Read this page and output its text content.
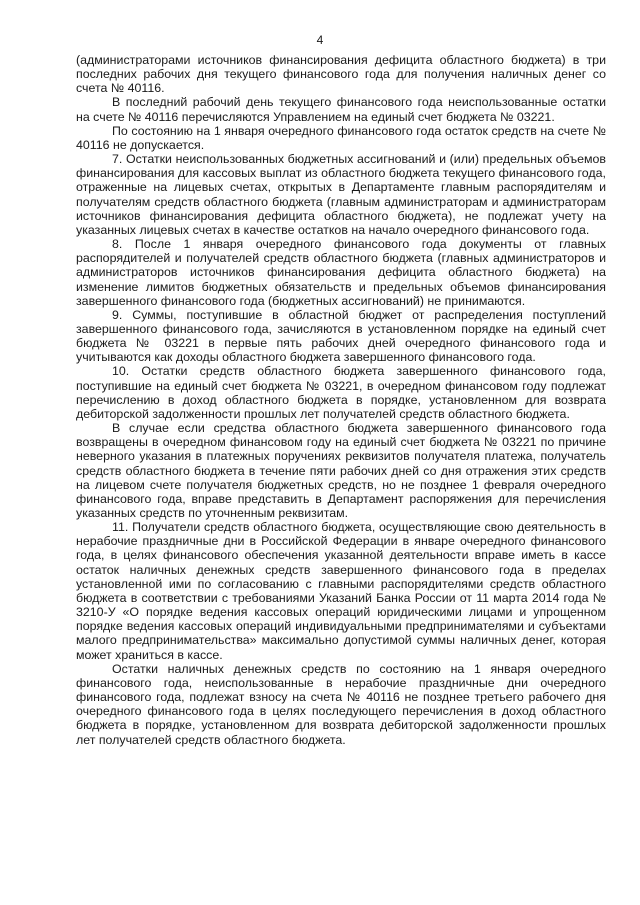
4

(администраторами источников финансирования дефицита областного бюджета) в три последних рабочих дня текущего финансового года для получения наличных денег со счета № 40116.

В последний рабочий день текущего финансового года неиспользованные остатки на счете № 40116 перечисляются Управлением на единый счет бюджета № 03221.

По состоянию на 1 января очередного финансового года остаток средств на счете № 40116 не допускается.

7. Остатки неиспользованных бюджетных ассигнований и (или) предельных объемов финансирования для кассовых выплат из областного бюджета текущего финансового года, отраженные на лицевых счетах, открытых в Департаменте главным распорядителям и получателям средств областного бюджета (главным администраторам и администраторам источников финансирования дефицита областного бюджета), не подлежат учету на указанных лицевых счетах в качестве остатков на начало очередного финансового года.

8. После 1 января очередного финансового года документы от главных распорядителей и получателей средств областного бюджета (главных администраторов и администраторов источников финансирования дефицита областного бюджета) на изменение лимитов бюджетных обязательств и предельных объемов финансирования завершенного финансового года (бюджетных ассигнований) не принимаются.

9. Суммы, поступившие в областной бюджет от распределения поступлений завершенного финансового года, зачисляются в установленном порядке на единый счет бюджета № 03221 в первые пять рабочих дней очередного финансового года и учитываются как доходы областного бюджета завершенного финансового года.

10. Остатки средств областного бюджета завершенного финансового года, поступившие на единый счет бюджета № 03221, в очередном финансовом году подлежат перечислению в доход областного бюджета в порядке, установленном для возврата дебиторской задолженности прошлых лет получателей средств областного бюджета.

В случае если средства областного бюджета завершенного финансового года возвращены в очередном финансовом году на единый счет бюджета № 03221 по причине неверного указания в платежных поручениях реквизитов получателя платежа, получатель средств областного бюджета в течение пяти рабочих дней со дня отражения этих средств на лицевом счете получателя бюджетных средств, но не позднее 1 февраля очередного финансового года, вправе представить в Департамент распоряжения для перечисления указанных средств по уточненным реквизитам.

11. Получатели средств областного бюджета, осуществляющие свою деятельность в нерабочие праздничные дни в Российской Федерации в январе очередного финансового года, в целях финансового обеспечения указанной деятельности вправе иметь в кассе остаток наличных денежных средств завершенного финансового года в пределах установленной ими по согласованию с главными распорядителями средств областного бюджета в соответствии с требованиями Указаний Банка России от 11 марта 2014 года № 3210-У «О порядке ведения кассовых операций юридическими лицами и упрощенном порядке ведения кассовых операций индивидуальными предпринимателями и субъектами малого предпринимательства» максимально допустимой суммы наличных денег, которая может храниться в кассе.

Остатки наличных денежных средств по состоянию на 1 января очередного финансового года, неиспользованные в нерабочие праздничные дни очередного финансового года, подлежат взносу на счета № 40116 не позднее третьего рабочего дня очередного финансового года в целях последующего перечисления в доход областного бюджета в порядке, установленном для возврата дебиторской задолженности прошлых лет получателей средств областного бюджета.
